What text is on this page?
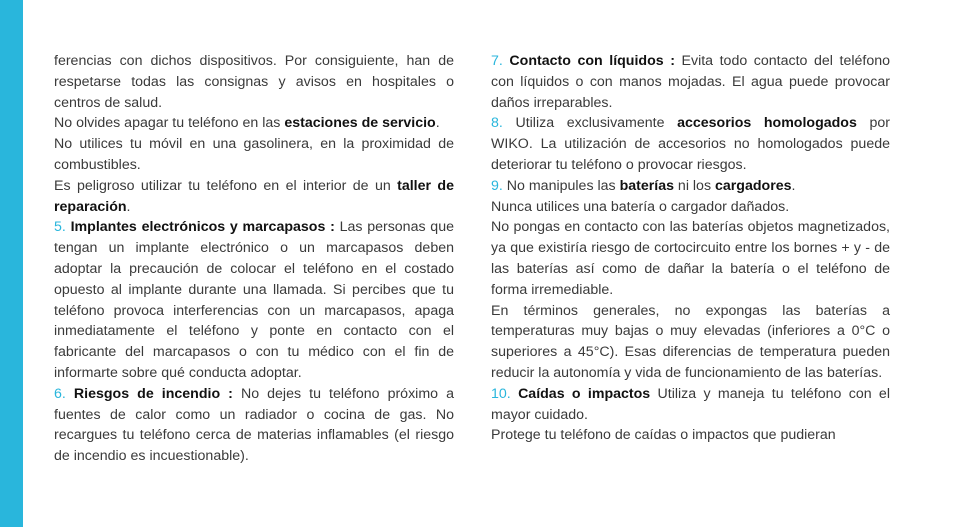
ferencias con dichos dispositivos. Por consiguiente, han de respetarse todas las consignas y avisos en hospitales o centros de salud.

No olvides apagar tu teléfono en las estaciones de servicio.

No utilices tu móvil en una gasolinera, en la proximidad de combustibles.

Es peligroso utilizar tu teléfono en el interior de un taller de reparación.

5. Implantes electrónicos y marcapasos : Las personas que tengan un implante electrónico o un marcapasos deben adoptar la precaución de colocar el teléfono en el costado opuesto al implante durante una llamada. Si percibes que tu teléfono provoca interferencias con un marcapasos, apaga inmediatamente el teléfono y ponte en contacto con el fabricante del marcapasos o con tu médico con el fin de informarte sobre qué conducta adoptar.

6. Riesgos de incendio : No dejes tu teléfono próximo a fuentes de calor como un radiador o cocina de gas. No recargues tu teléfono cerca de materias inflamables (el riesgo de incendio es incuestionable).

7. Contacto con líquidos : Evita todo contacto del teléfono con líquidos o con manos mojadas. El agua puede provocar daños irreparables.

8. Utiliza exclusivamente accesorios homologados por WIKO. La utilización de accesorios no homologados puede deteriorar tu teléfono o provocar riesgos.

9. No manipules las baterías ni los cargadores.

Nunca utilices una batería o cargador dañados.

No pongas en contacto con las baterías objetos magnetizados, ya que existiría riesgo de cortocircuito entre los bornes + y - de las baterías así como de dañar la batería o el teléfono de forma irremediable.

En términos generales, no expongas las baterías a temperaturas muy bajas o muy elevadas (inferiores a 0°C o superiores a 45°C). Esas diferencias de temperatura pueden reducir la autonomía y vida de funcionamiento de las baterías.

10. Caídas o impactos Utiliza y maneja tu teléfono con el mayor cuidado.

Protege tu teléfono de caídas o impactos que pudieran
